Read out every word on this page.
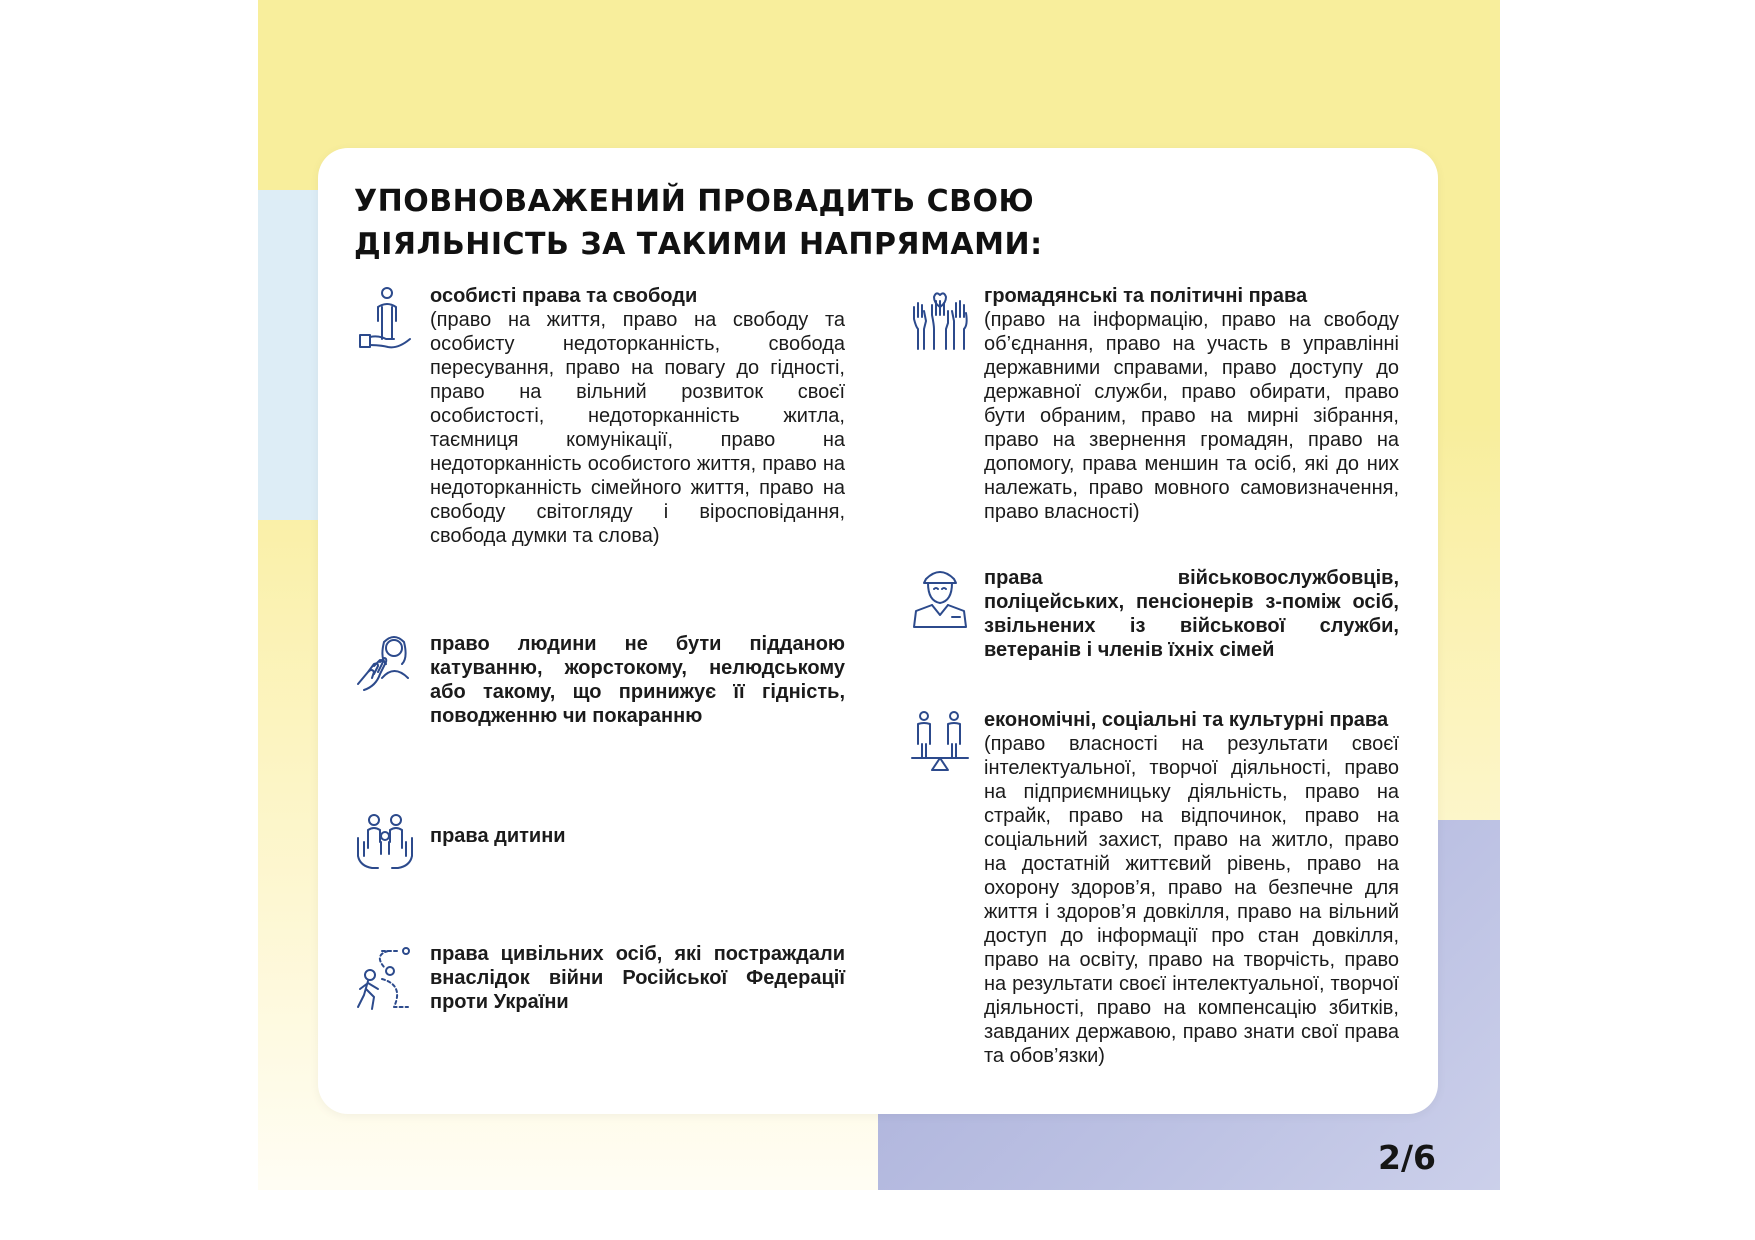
УПОВНОВАЖЕНИЙ ПРОВАДИТЬ СВОЮ
ДІЯЛЬНІСТЬ ЗА ТАКИМИ НАПРЯМАМИ:
особисті права та свободи
(право на життя, право на свободу та особисту недоторканність, свобода пересування, право на повагу до гідності, право на вільний розвиток своєї особистості, недоторканність житла, таємниця комунікації, право на недоторканність особистого життя, право на недоторканність сімейного життя, право на свободу світогляду і віросповідання, свобода думки та слова)
право людини не бути підданою катуванню, жорстокому, нелюдському або такому, що принижує її гідність, поводженню чи покаранню
права дитини
права цивільних осіб, які постраждали внаслідок війни Російської Федерації проти України
громадянські та політичні права
(право на інформацію, право на свободу об’єднання, право на участь в управлінні державними справами, право доступу до державної служби, право обирати, право бути обраним, право на мирні зібрання, право на звернення громадян, право на допомогу, права меншин та осіб, які до них належать, право мовного самовизначення, право власності)
права військовослужбовців, поліцейських, пенсіонерів з-поміж осіб, звільнених із військової служби, ветеранів і членів їхніх сімей
економічні, соціальні та культурні права
(право власності на результати своєї інтелектуальної, творчої діяльності, право на підприємницьку діяльність, право на страйк, право на відпочинок, право на соціальний захист, право на житло, право на достатній життєвий рівень, право на охорону здоров’я, право на безпечне для життя і здоров’я довкілля, право на вільний доступ до інформації про стан довкілля, право на освіту, право на творчість, право на результати своєї інтелектуальної, творчої діяльності, право на компенсацію збитків, завданих державою, право знати свої права та обов’язки)
2/6
